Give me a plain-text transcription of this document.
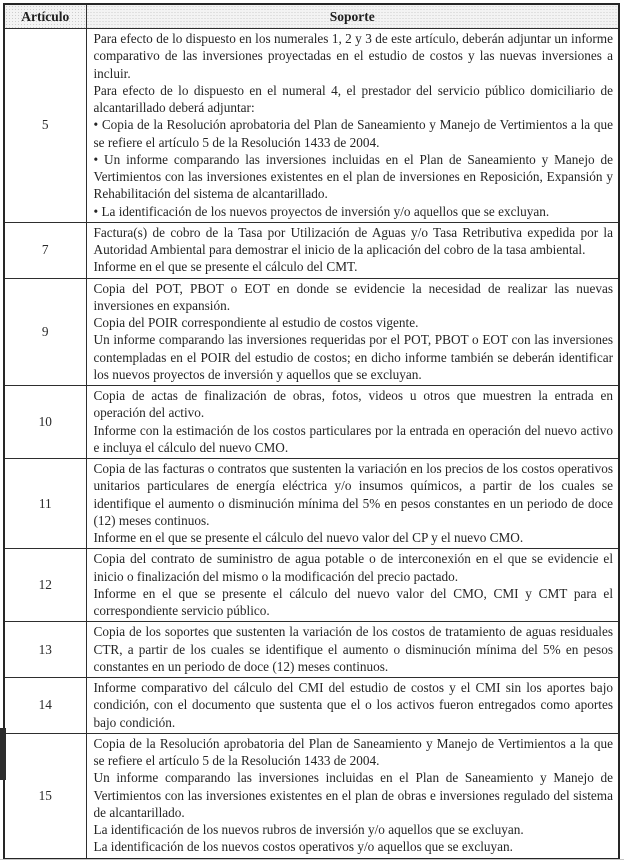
Artículo	Soporte
5	Para efecto de lo dispuesto en los numerales 1, 2 y 3 de este artículo, deberán adjuntar un informe comparativo de las inversiones proyectadas en el estudio de costos y las nuevas inversiones a incluir.
Para efecto de lo dispuesto en el numeral 4, el prestador del servicio público domiciliario de alcantarillado deberá adjuntar:
• Copia de la Resolución aprobatoria del Plan de Saneamiento y Manejo de Vertimientos a la que se refiere el artículo 5 de la Resolución 1433 de 2004.
• Un informe comparando las inversiones incluidas en el Plan de Saneamiento y Manejo de Vertimientos con las inversiones existentes en el plan de inversiones en Reposición, Expansión y Rehabilitación del sistema de alcantarillado.
• La identificación de los nuevos proyectos de inversión y/o aquellos que se excluyan.

7	Factura(s) de cobro de la Tasa por Utilización de Aguas y/o Tasa Retributiva expedida por la Autoridad Ambiental para demostrar el inicio de la aplicación del cobro de la tasa ambiental.
Informe en el que se presente el cálculo del CMT.

9	Copia del POT, PBOT o EOT en donde se evidencie la necesidad de realizar las nuevas inversiones en expansión.
Copia del POIR correspondiente al estudio de costos vigente.
Un informe comparando las inversiones requeridas por el POT, PBOT o EOT con las inversiones contempladas en el POIR del estudio de costos; en dicho informe también se deberán identificar los nuevos proyectos de inversión y aquellos que se excluyan.

10	Copia de actas de finalización de obras, fotos, videos u otros que muestren la entrada en operación del activo.
Informe con la estimación de los costos particulares por la entrada en operación del nuevo activo e incluya el cálculo del nuevo CMO.

11	Copia de las facturas o contratos que sustenten la variación en los precios de los costos operativos unitarios particulares de energía eléctrica y/o insumos químicos, a partir de los cuales se identifique el aumento o disminución mínima del 5% en pesos constantes en un periodo de doce (12) meses continuos.
Informe en el que se presente el cálculo del nuevo valor del CP y el nuevo CMO.

12	Copia del contrato de suministro de agua potable o de interconexión en el que se evidencie el inicio o finalización del mismo o la modificación del precio pactado.
Informe en el que se presente el cálculo del nuevo valor del CMO, CMI y CMT para el correspondiente servicio público.

13	Copia de los soportes que sustenten la variación de los costos de tratamiento de aguas residuales CTR, a partir de los cuales se identifique el aumento o disminución mínima del 5% en pesos constantes en un periodo de doce (12) meses continuos.

14	Informe comparativo del cálculo del CMI del estudio de costos y el CMI sin los aportes bajo condición, con el documento que sustenta que el o los activos fueron entregados como aportes bajo condición.

15	Copia de la Resolución aprobatoria del Plan de Saneamiento y Manejo de Vertimientos a la que se refiere el artículo 5 de la Resolución 1433 de 2004.
Un informe comparando las inversiones incluidas en el Plan de Saneamiento y Manejo de Vertimientos con las inversiones existentes en el plan de obras e inversiones regulado del sistema de alcantarillado.
La identificación de los nuevos rubros de inversión y/o aquellos que se excluyan.
La identificación de los nuevos costos operativos y/o aquellos que se excluyan.
